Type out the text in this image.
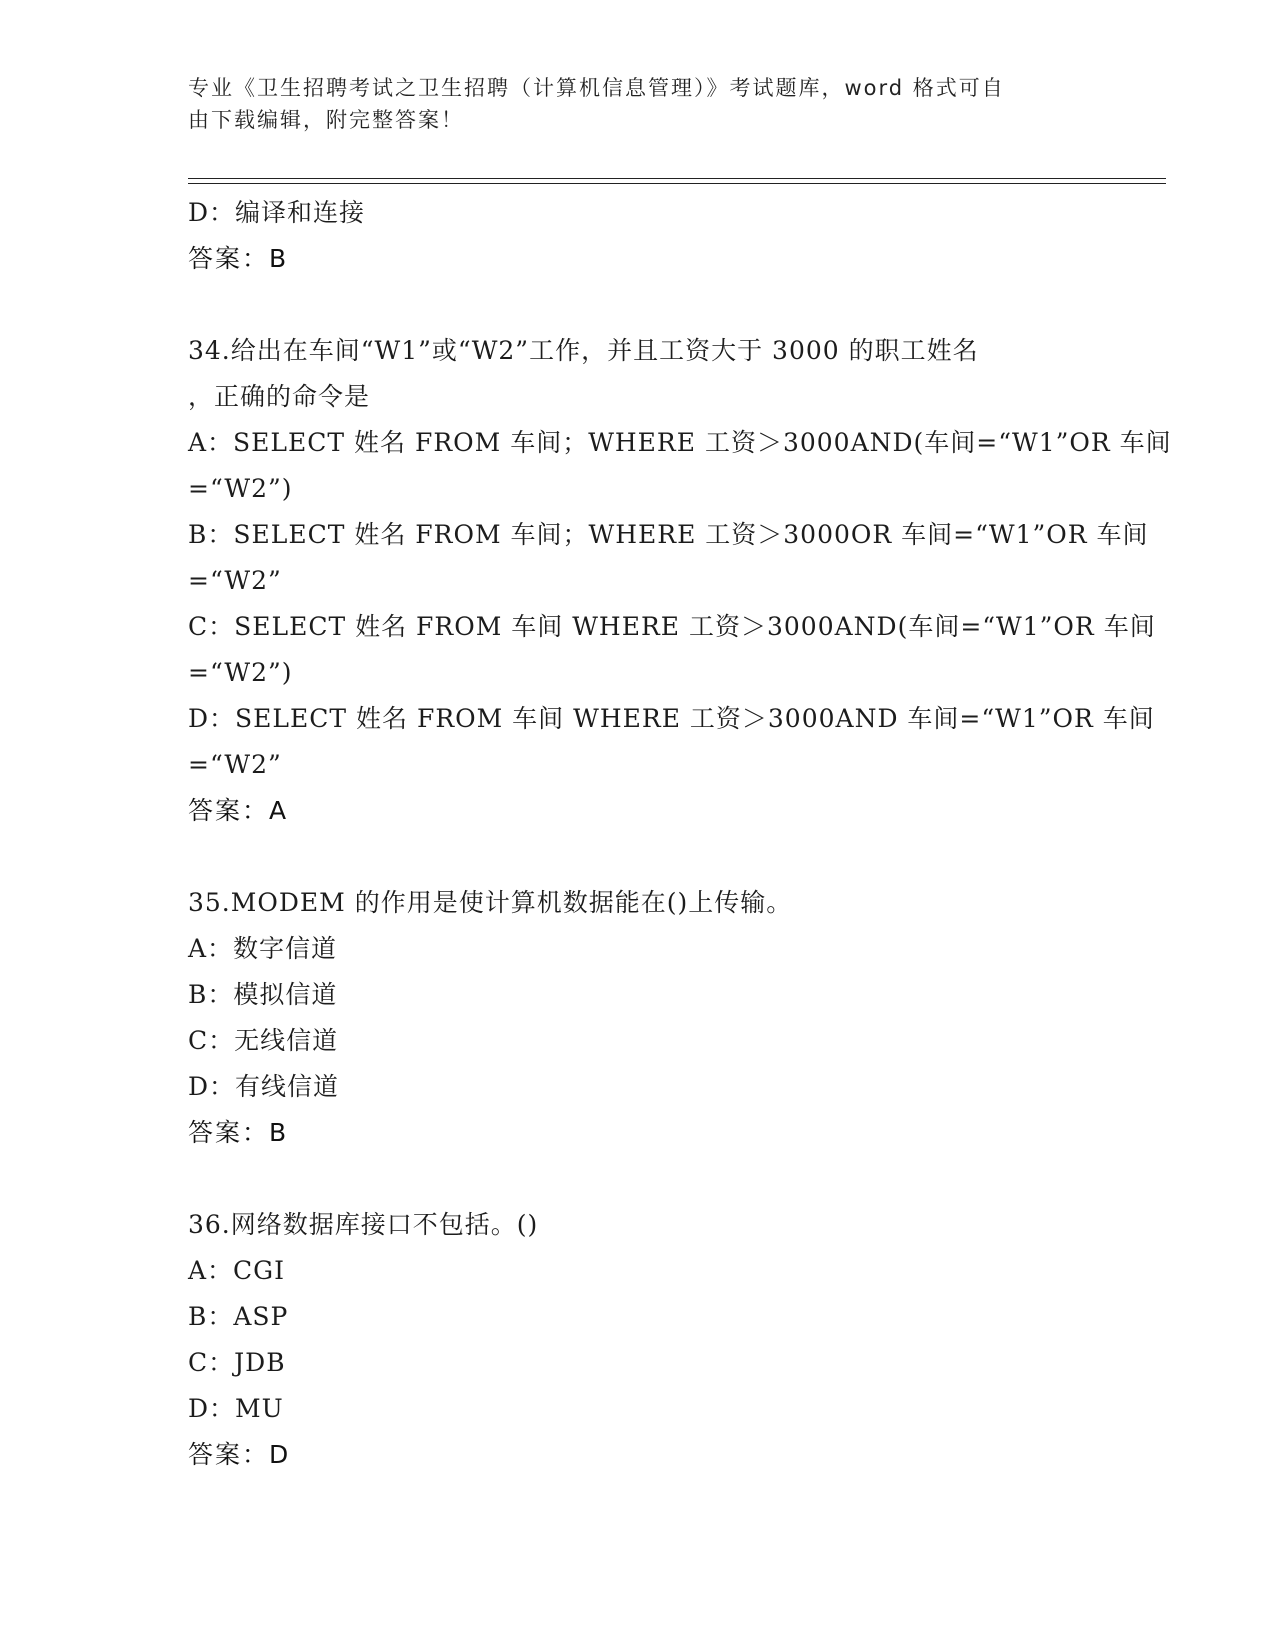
专业《卫生招聘考试之卫生招聘（计算机信息管理）》考试题库，word 格式可自
由下载编辑，附完整答案！
D：编译和连接
答案：B
34.给出在车间“W1”或“W2”工作，并且工资大于 3000 的职工姓名
，正确的命令是
A：SELECT 姓名 FROM 车间；WHERE 工资＞3000AND(车间=“W1”OR 车间
=“W2”)
B：SELECT 姓名 FROM 车间；WHERE 工资＞3000OR 车间=“W1”OR 车间
=“W2”
C：SELECT 姓名 FROM 车间 WHERE 工资＞3000AND(车间=“W1”OR 车间
=“W2”)
D：SELECT 姓名 FROM 车间 WHERE 工资＞3000AND 车间=“W1”OR 车间
=“W2”
答案：A
35.MODEM 的作用是使计算机数据能在()上传输。
A：数字信道
B：模拟信道
C：无线信道
D：有线信道
答案：B
36.网络数据库接口不包括。()
A：CGI
B：ASP
C：JDB
D：MU
答案：D
